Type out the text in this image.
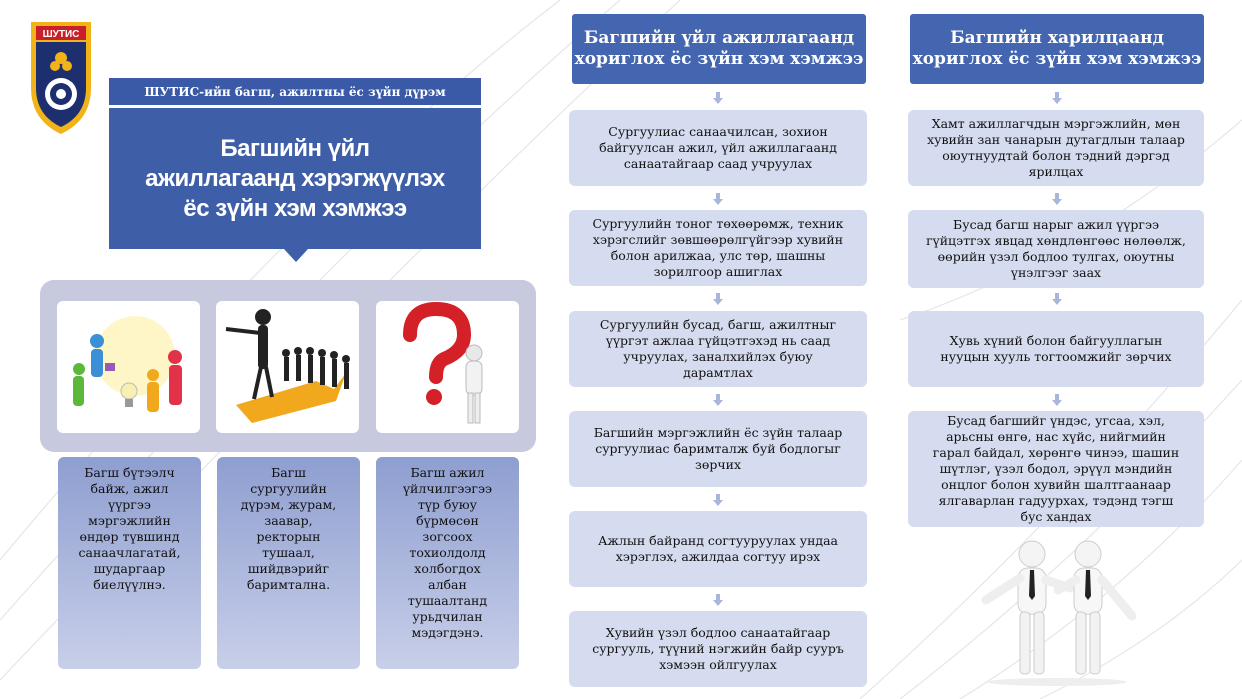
ШУТИС
ШУТИС-ийн багш, ажилтны ёс зүйн дүрэм
Багшийн үйл
ажиллагаанд хэрэгжүүлэх
ёс зүйн хэм хэмжээ
Багш бүтээлч байж, ажил үүргээ мэргэжлийн өндөр түвшинд санаачлагатай, шударгаар биелүүлнэ.
Багш сургуулийн дүрэм, журам, заавар, ректорын тушаал, шийдвэрийг баримтална.
Багш ажил үйлчилгээгээ түр буюу бүрмөсөн зогсоох тохиолдолд холбогдох албан тушаалтанд урьдчилан мэдэгдэнэ.
Багшийн үйл ажиллагаанд
хориглох ёс зүйн хэм хэмжээ
Сургуулиас санаачилсан, зохион байгуулсан ажил, үйл ажиллагаанд санаатайгаар саад учруулах
Сургуулийн тоног төхөөрөмж, техник хэрэгслийг зөвшөөрөлгүйгээр хувийн болон арилжаа, улс төр, шашны зорилгоор ашиглах
Сургуулийн бусад, багш, ажилтныг үүргэт ажлаа гүйцэтгэхэд нь саад учруулах, заналхийлэх буюу дарамтлах
Багшийн мэргэжлийн ёс зүйн талаар сургуулиас баримталж буй бодлогыг зөрчих
Ажлын байранд согтууруулах ундаа хэрэглэх, ажилдаа согтуу ирэх
Хувийн үзэл бодлоо санаатайгаар сургууль, түүний нэгжийн байр сууръ хэмээн ойлгуулах
Багшийн харилцаанд
хориглох ёс зүйн хэм хэмжээ
Хамт ажиллагчдын мэргэжлийн, мөн хувийн зан чанарын дутагдлын талаар оюутнуудтай болон тэдний дэргэд ярилцах
Бусад багш нарыг ажил үүргээ гүйцэтгэх явцад хөндлөнгөөс нөлөөлж, өөрийн үзэл бодлоо тулгах, оюутны үнэлгээг заах
Хувь хүний болон байгууллагын нууцын хууль тогтоомжийг зөрчих
Бусад багшийг үндэс, угсаа, хэл, арьсны өнгө, нас хүйс, нийгмийн гарал байдал, хөрөнгө чинээ, шашин шүтлэг, үзэл бодол, эрүүл мэндийн онцлог болон хувийн шалтгаанаар ялгаварлан гадуурхах, тэдэнд тэгш бус хандах
